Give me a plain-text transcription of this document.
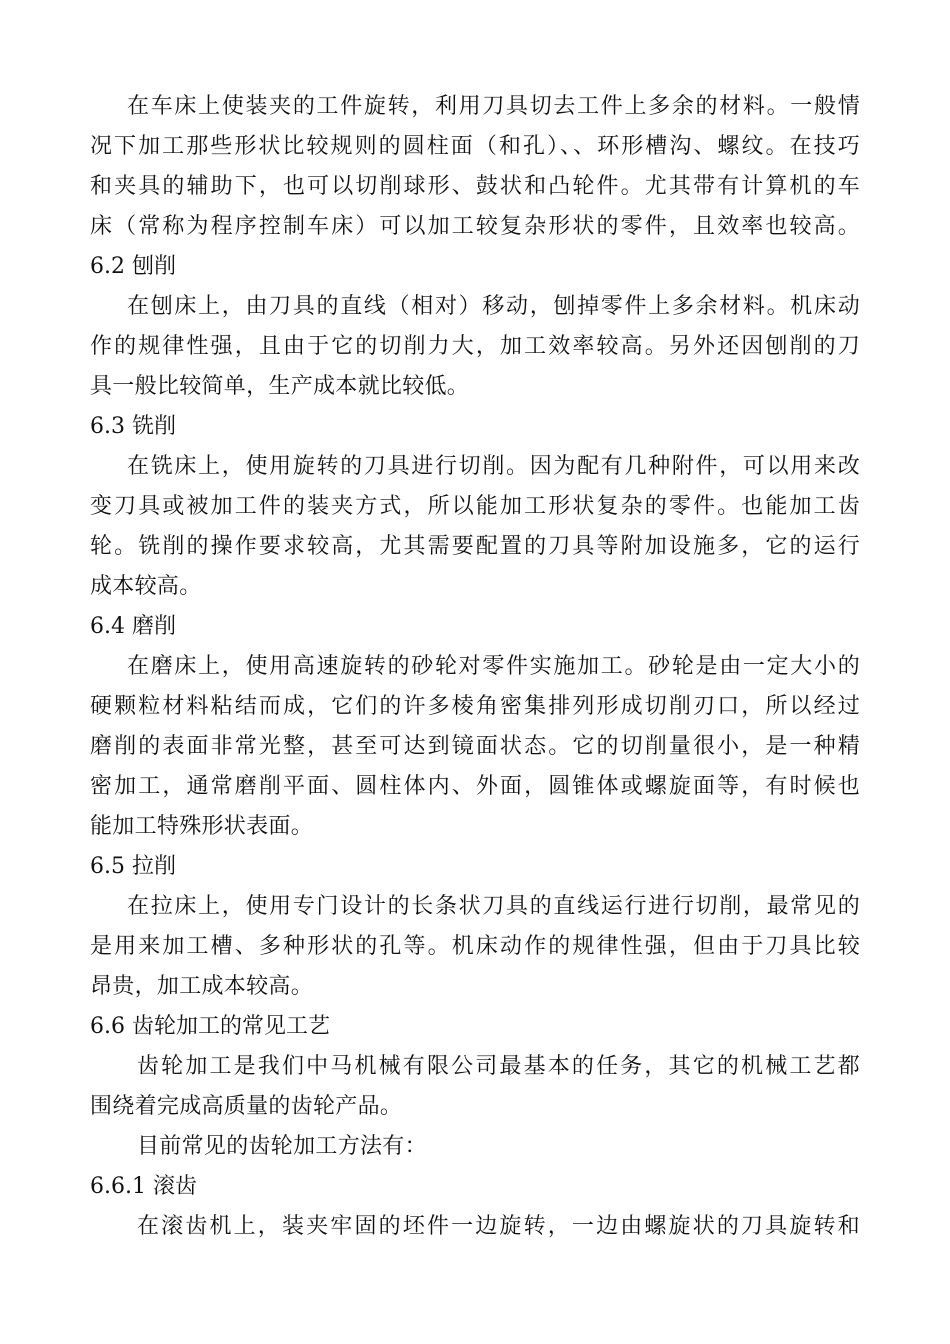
在车床上使装夹的工件旋转，利用刀具切去工件上多余的材料。一般情
况下加工那些形状比较规则的圆柱面（和孔）、、环形槽沟、螺纹。在技巧
和夹具的辅助下，也可以切削球形、鼓状和凸轮件。尤其带有计算机的车
床（常称为程序控制车床）可以加工较复杂形状的零件，且效率也较高。
6.2 刨削
在刨床上，由刀具的直线（相对）移动，刨掉零件上多余材料。机床动
作的规律性强，且由于它的切削力大，加工效率较高。另外还因刨削的刀
具一般比较简单，生产成本就比较低。
6.3 铣削
在铣床上，使用旋转的刀具进行切削。因为配有几种附件，可以用来改
变刀具或被加工件的装夹方式，所以能加工形状复杂的零件。也能加工齿
轮。铣削的操作要求较高，尤其需要配置的刀具等附加设施多，它的运行
成本较高。
6.4 磨削
在磨床上，使用高速旋转的砂轮对零件实施加工。砂轮是由一定大小的
硬颗粒材料粘结而成，它们的许多棱角密集排列形成切削刃口，所以经过
磨削的表面非常光整，甚至可达到镜面状态。它的切削量很小，是一种精
密加工，通常磨削平面、圆柱体内、外面，圆锥体或螺旋面等，有时候也
能加工特殊形状表面。
6.5 拉削
在拉床上，使用专门设计的长条状刀具的直线运行进行切削，最常见的
是用来加工槽、多种形状的孔等。机床动作的规律性强，但由于刀具比较
昂贵，加工成本较高。
6.6 齿轮加工的常见工艺
齿轮加工是我们中马机械有限公司最基本的任务，其它的机械工艺都
围绕着完成高质量的齿轮产品。
目前常见的齿轮加工方法有：
6.6.1 滚齿
在滚齿机上，装夹牢固的坯件一边旋转，一边由螺旋状的刀具旋转和
